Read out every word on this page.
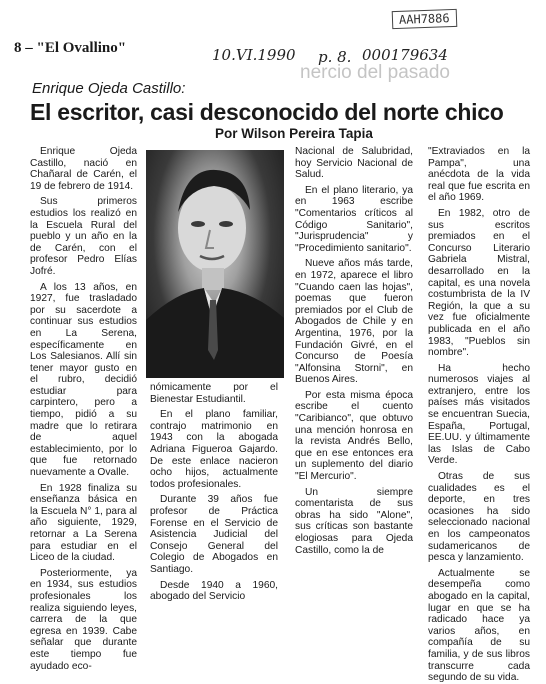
AAH7886
10.VI.1990 p. 8. 000179634
8 – "El Ovallino"
nercio del pasado
Enrique Ojeda Castillo:
El escritor, casi desconocido del norte chico
Por Wilson Pereira Tapia

Enrique Ojeda Castillo, nació en Chañaral de Carén, el 19 de febrero de 1914.

Sus primeros estudios los realizó en la Escuela Rural del pueblo y un año en la de Carén, con el profesor Pedro Elías Jofré.

A los 13 años, en 1927, fue trasladado por su sacerdote a continuar sus estudios en La Serena, específicamente en Los Salesianos. Allí sin tener mayor gusto en el rubro, decidió estudiar para carpintero, pero a tiempo, pidió a su madre que lo retirara de aquel establecimiento, por lo que fue retornado nuevamente a Ovalle.

En 1928 finaliza su enseñanza básica en la Escuela N° 1, para al año siguiente, 1929, retornar a La Serena para estudiar en el Liceo de la ciudad.

Posteriormente, ya en 1934, sus estudios profesionales los realiza siguiendo leyes, carrera de la que egresa en 1939. Cabe señalar que durante este tiempo fue ayudado eco-

nómicamente por el Bienestar Estudiantil.

En el plano familiar, contrajo matrimonio en 1943 con la abogada Adriana Figueroa Gajardo. De este enlace nacieron ocho hijos, actualmente todos profesionales.

Durante 39 años fue profesor de Práctica Forense en el Servicio de Asistencia Judicial del Consejo General del Colegio de Abogados en Santiago.

Desde 1940 a 1960, abogado del Servicio

Nacional de Salubridad, hoy Servicio Nacional de Salud.

En el plano literario, ya en 1963 escribe "Comentarios críticos al Código Sanitario", "Jurisprudencia" y "Procedimiento sanitario".

Nueve años más tarde, en 1972, aparece el libro "Cuando caen las hojas", poemas que fueron premiados por el Club de Abogados de Chile y en Argentina, 1976, por la Fundación Givré, en el Concurso de Poesía "Alfonsina Storni", en Buenos Aires.

Por esta misma época escribe el cuento "Caribianco", que obtuvo una mención honrosa en la revista Andrés Bello, que en ese entonces era un suplemento del diario "El Mercurio".

Un siempre comentarista de sus obras ha sido "Alone", sus críticas son bastante elogiosas para Ojeda Castillo, como la de

"Extraviados en la Pampa", una anécdota de la vida real que fue escrita en el año 1969.

En 1982, otro de sus escritos premiados en el Concurso Literario Gabriela Mistral, desarrollado en la capital, es una novela costumbrista de la IV Región, la que a su vez fue oficialmente publicada en el año 1983, "Pueblos sin nombre".

Ha hecho numerosos viajes al extranjero, entre los países más visitados se encuentran Suecia, España, Portugal, EE.UU. y últimamente las Islas de Cabo Verde.

Otras de sus cualidades es el deporte, en tres ocasiones ha sido seleccionado nacional en los campeonatos sudamericanos de pesca y lanzamiento.

Actualmente se desempeña como abogado en la capital, lugar en que se ha radicado hace ya varios años, en compañía de su familia, y de sus libros transcurre cada segundo de su vida.
